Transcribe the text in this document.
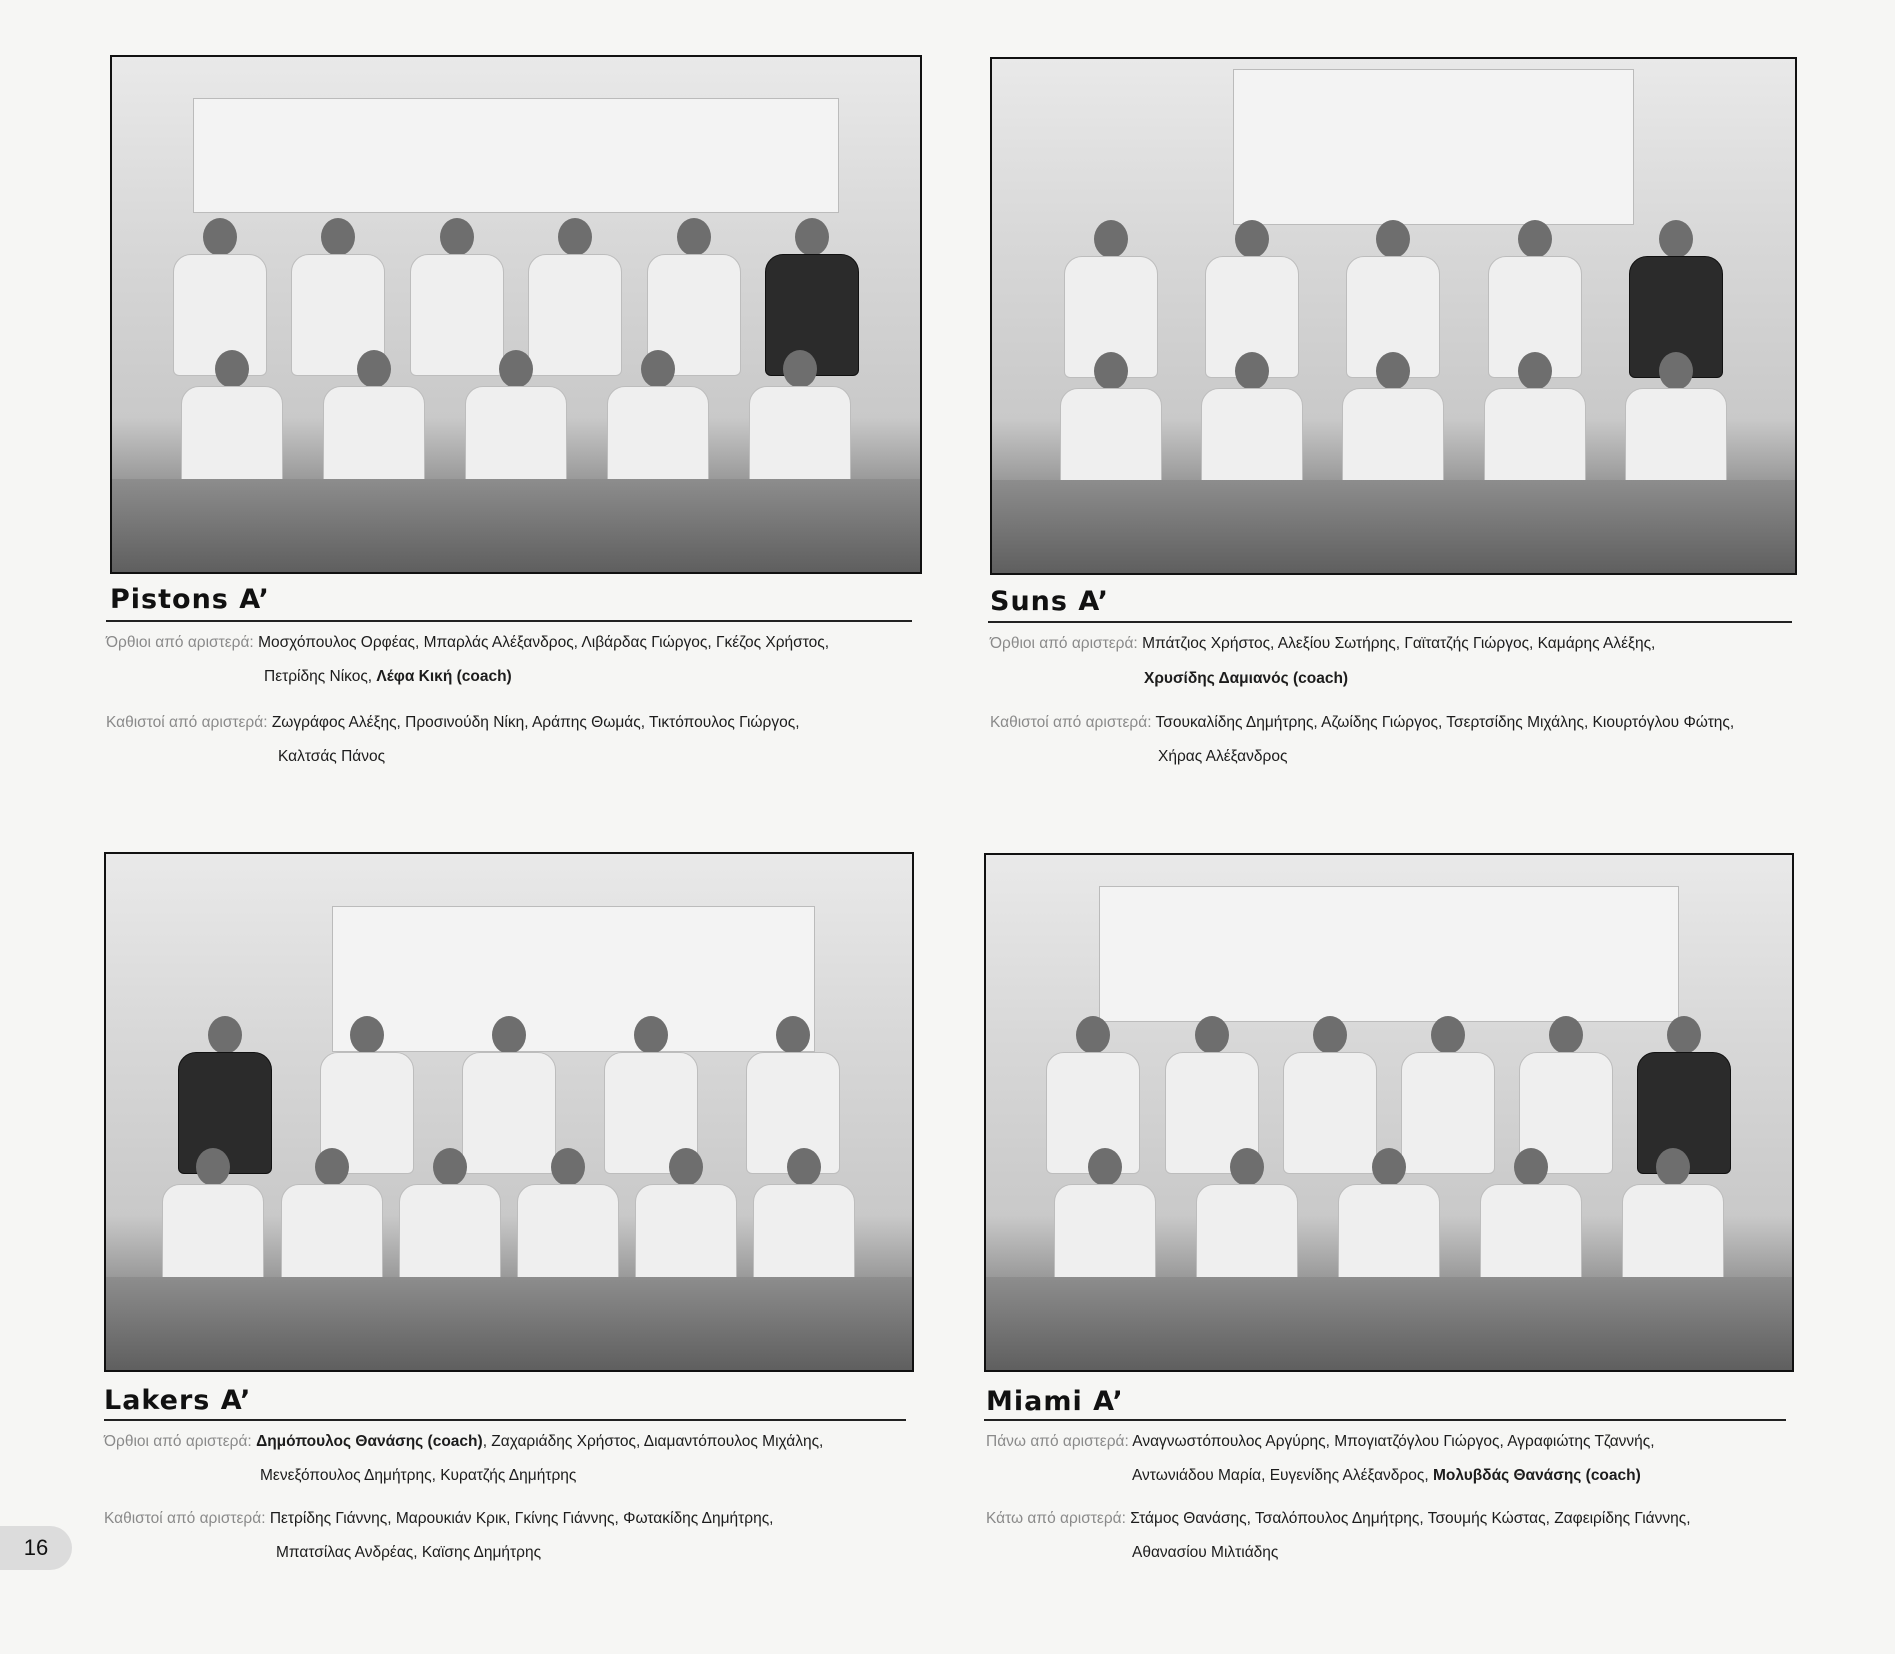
Pistons A’
Όρθιοι από αριστερά: Μοσχόπουλος Ορφέας, Μπαρλάς Αλέξανδρος, Λιβάρδας Γιώργος, Γκέζος Χρήστος,
Πετρίδης Νίκος, Λέφα Κική (coach)
Καθιστοί από αριστερά: Ζωγράφος Αλέξης, Προσινούδη Νίκη, Αράπης Θωμάς, Τικτόπουλος Γιώργος,
Καλτσάς Πάνος
Suns A’
Όρθιοι από αριστερά: Μπάτζιος Χρήστος, Αλεξίου Σωτήρης, Γαϊτατζής Γιώργος, Καμάρης Αλέξης,
Χρυσίδης Δαμιανός (coach)
Καθιστοί από αριστερά: Τσουκαλίδης Δημήτρης, Αζωίδης Γιώργος, Τσερτσίδης Μιχάλης, Κιουρτόγλου Φώτης,
Χήρας Αλέξανδρος
Lakers A’
Όρθιοι από αριστερά: Δημόπουλος Θανάσης (coach), Ζαχαριάδης Χρήστος, Διαμαντόπουλος Μιχάλης,
Μενεξόπουλος Δημήτρης, Κυρατζής Δημήτρης
Καθιστοί από αριστερά: Πετρίδης Γιάννης, Μαρουκιάν Κρικ, Γκίνης Γιάννης, Φωτακίδης Δημήτρης,
Μπατσίλας Ανδρέας, Καϊσης Δημήτρης
Miami A’
Πάνω από αριστερά: Αναγνωστόπουλος Αργύρης, Μπογιατζόγλου Γιώργος, Αγραφιώτης Τζαννής,
Αντωνιάδου Μαρία, Ευγενίδης Αλέξανδρος, Μολυβδάς Θανάσης (coach)
Κάτω από αριστερά: Στάμος Θανάσης, Τσαλόπουλος Δημήτρης, Τσουμής Κώστας, Ζαφειρίδης Γιάννης,
Αθανασίου Μιλτιάδης
16
